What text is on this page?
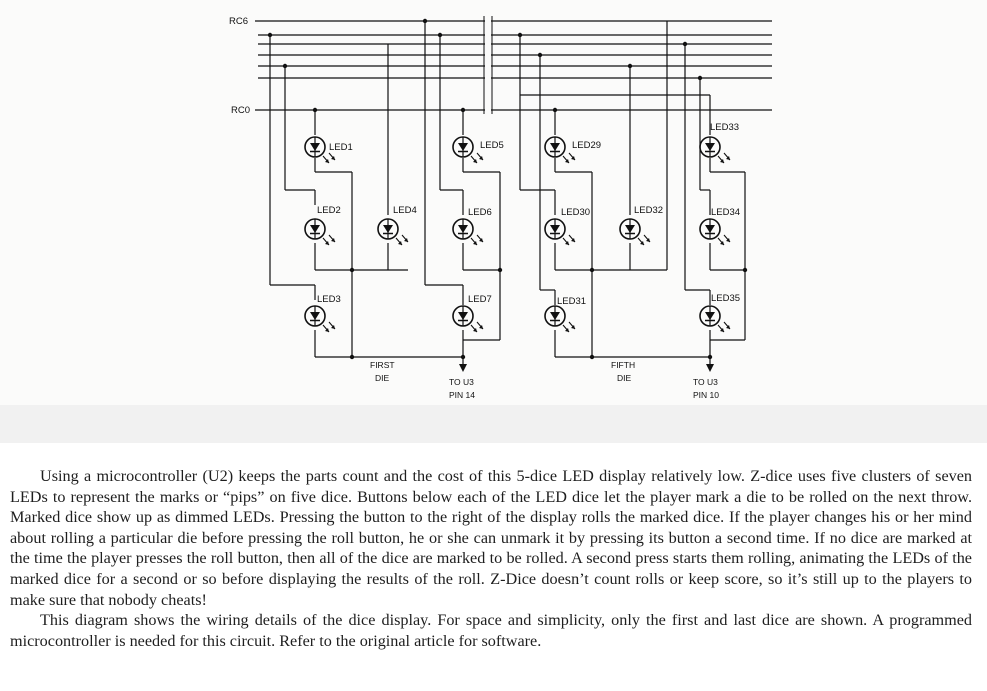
RC6
RC0
LED1
LED2
LED3
LED4
LED5
LED6
LED7
LED29
LED30
LED31
LED32
LED33
LED34
LED35
FIRST
DIE
FIFTH
DIE
TO U3
PIN 14
TO U3
PIN 10

Using a microcontroller (U2) keeps the parts count and the cost of this 5-dice LED display relatively low. Z-dice uses five clusters of seven LEDs to represent the marks or “pips” on five dice. Buttons below each of the LED dice let the player mark a die to be rolled on the next throw. Marked dice show up as dimmed LEDs. Pressing the button to the right of the display rolls the marked dice. If the player changes his or her mind about rolling a particular die before pressing the roll button, he or she can unmark it by pressing its button a second time. If no dice are marked at the time the player presses the roll button, then all of the dice are marked to be rolled. A second press starts them rolling, animating the LEDs of the marked dice for a second or so before displaying the results of the roll. Z-Dice doesn’t count rolls or keep score, so it’s still up to the players to make sure that nobody cheats!

This diagram shows the wiring details of the dice display. For space and simplicity, only the first and last dice are shown. A programmed microcontroller is needed for this circuit. Refer to the original article for software.
